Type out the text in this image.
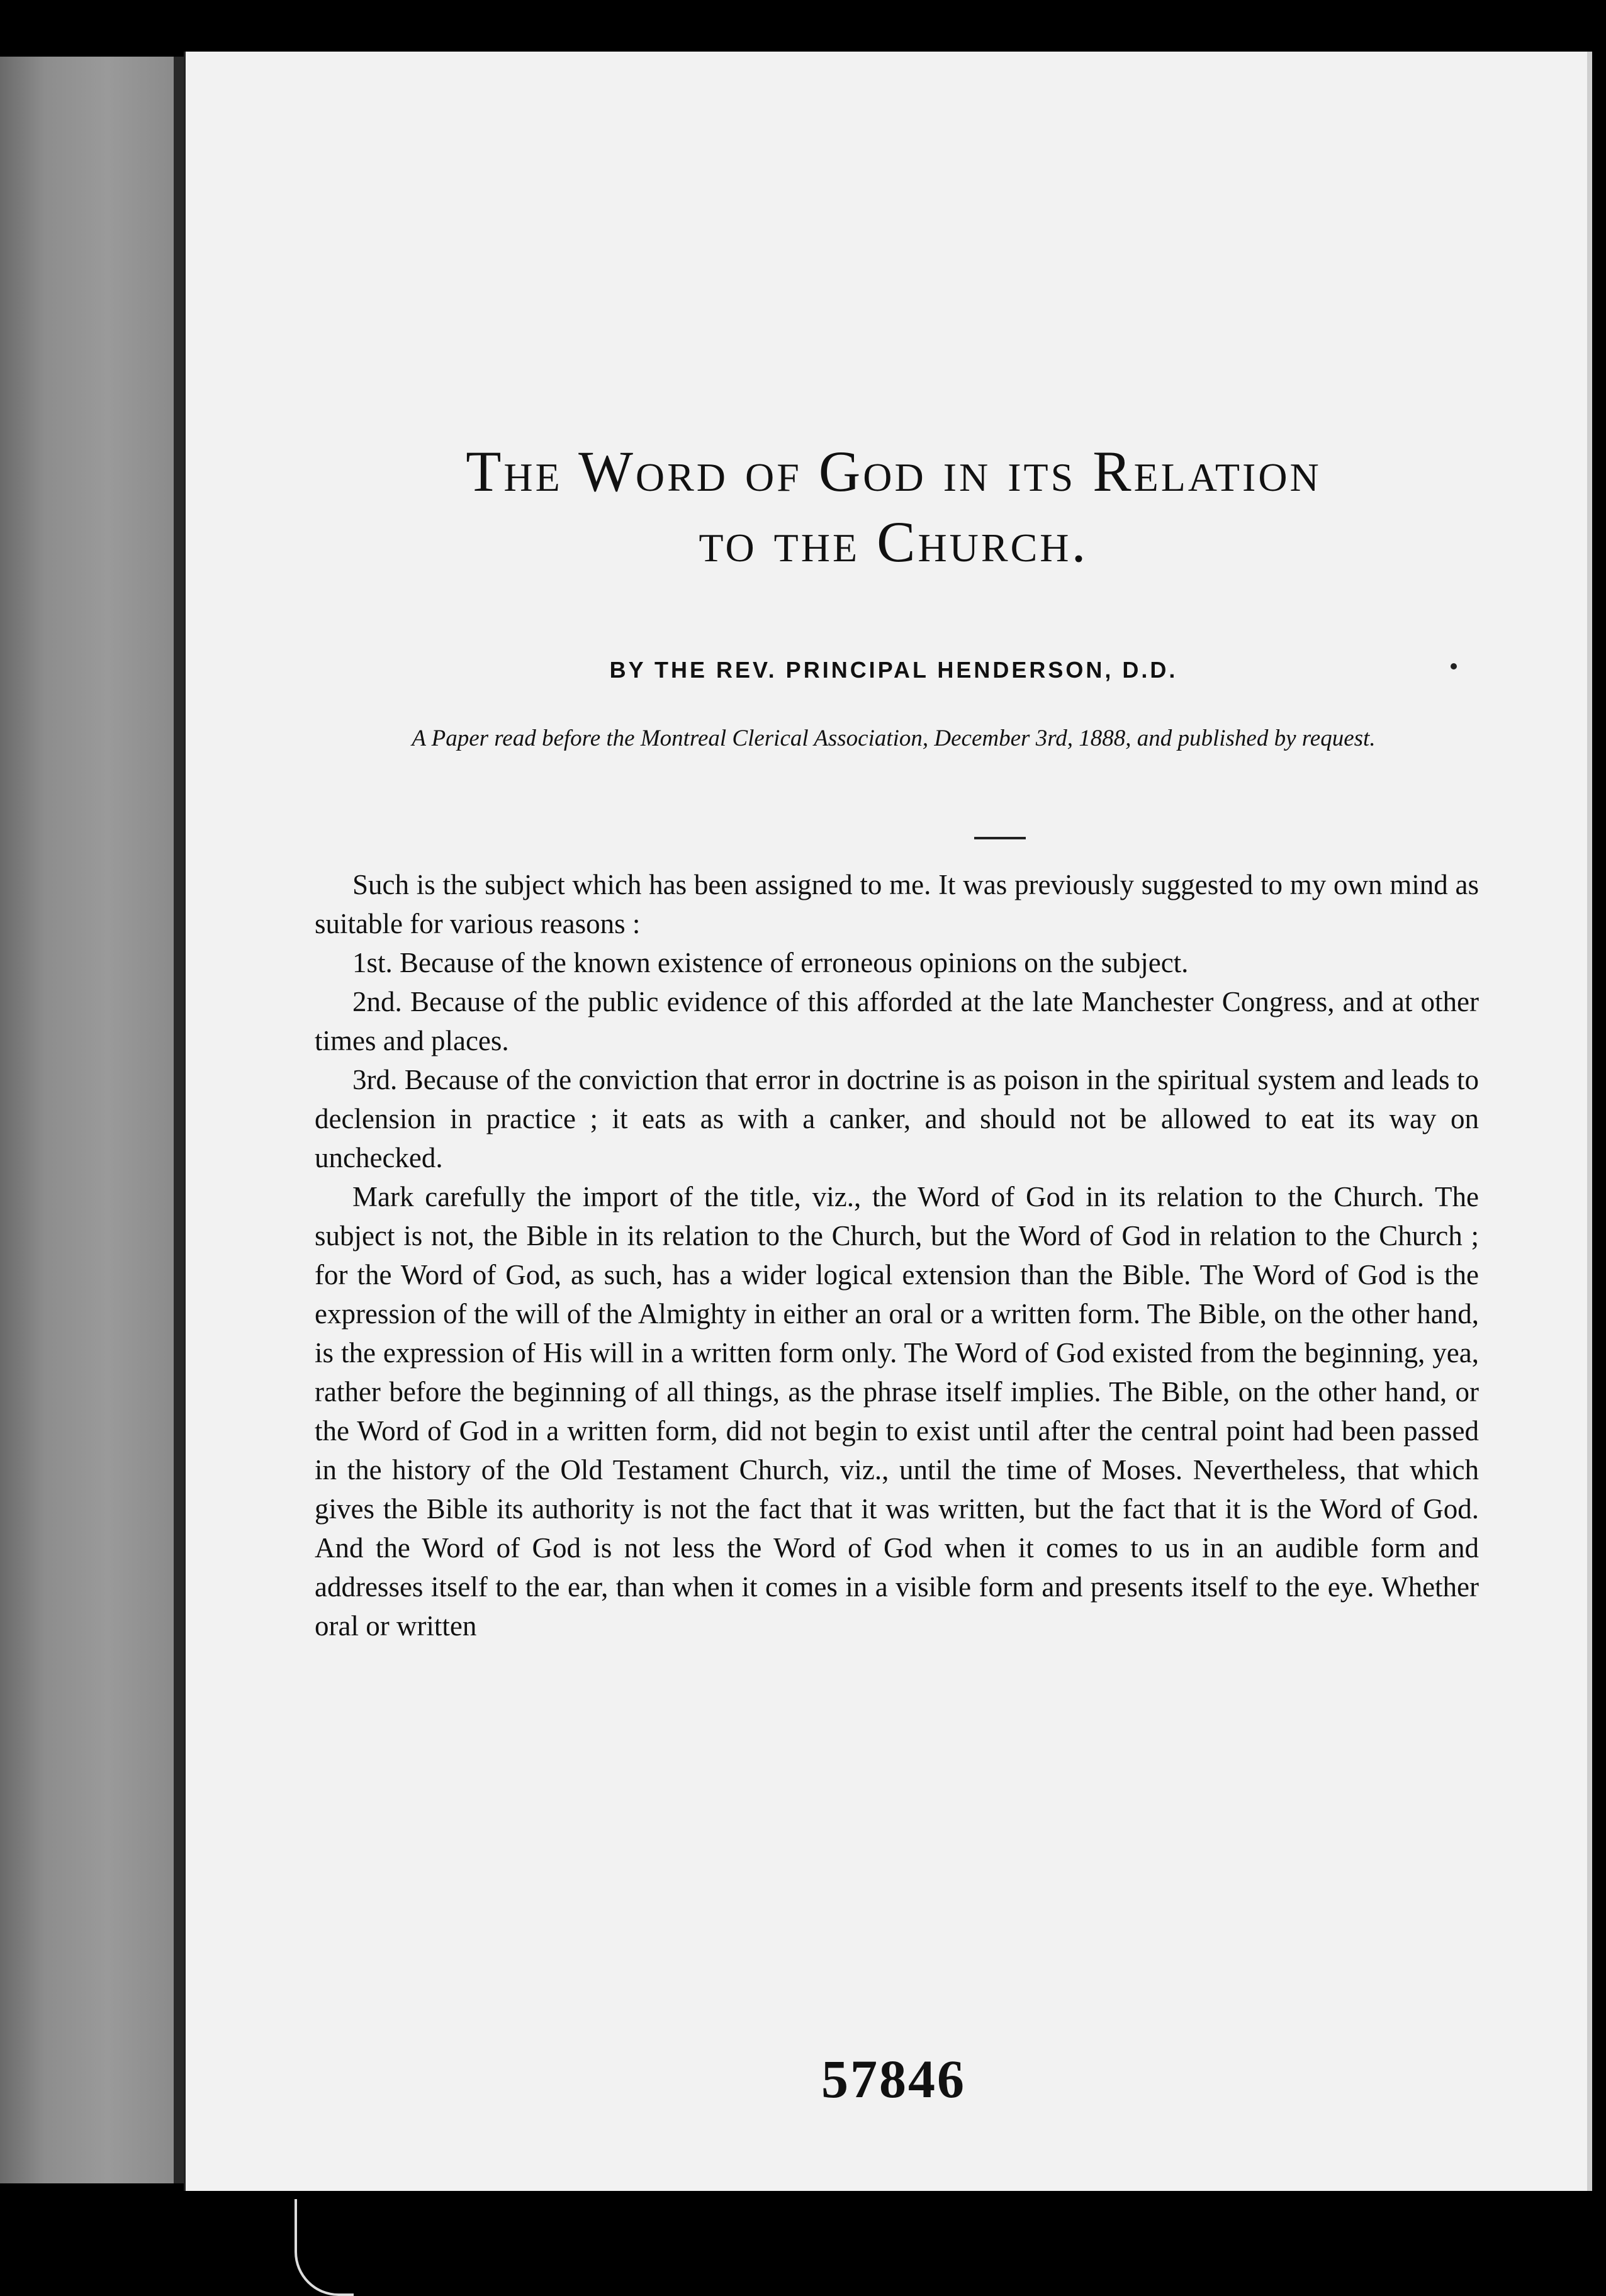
The Word of God in its Relation
to the Church.
BY THE REV. PRINCIPAL HENDERSON, D.D.
A Paper read before the Montreal Clerical Association, December 3rd, 1888, and published by request.

Such is the subject which has been assigned to me. It was previously suggested to my own mind as suitable for various reasons :

1st. Because of the known existence of erroneous opinions on the subject.

2nd. Because of the public evidence of this afforded at the late Manchester Congress, and at other times and places.

3rd. Because of the conviction that error in doctrine is as poison in the spiritual system and leads to declension in practice ; it eats as with a canker, and should not be allowed to eat its way on unchecked.

Mark carefully the import of the title, viz., the Word of God in its relation to the Church. The subject is not, the Bible in its relation to the Church, but the Word of God in relation to the Church ; for the Word of God, as such, has a wider logical extension than the Bible. The Word of God is the expression of the will of the Almighty in either an oral or a written form. The Bible, on the other hand, is the expression of His will in a written form only. The Word of God existed from the beginning, yea, rather before the beginning of all things, as the phrase itself implies. The Bible, on the other hand, or the Word of God in a written form, did not begin to exist until after the central point had been passed in the history of the Old Testament Church, viz., until the time of Moses. Nevertheless, that which gives the Bible its authority is not the fact that it was written, but the fact that it is the Word of God. And the Word of God is not less the Word of God when it comes to us in an audible form and addresses itself to the ear, than when it comes in a visible form and presents itself to the eye. Whether oral or written

57846
